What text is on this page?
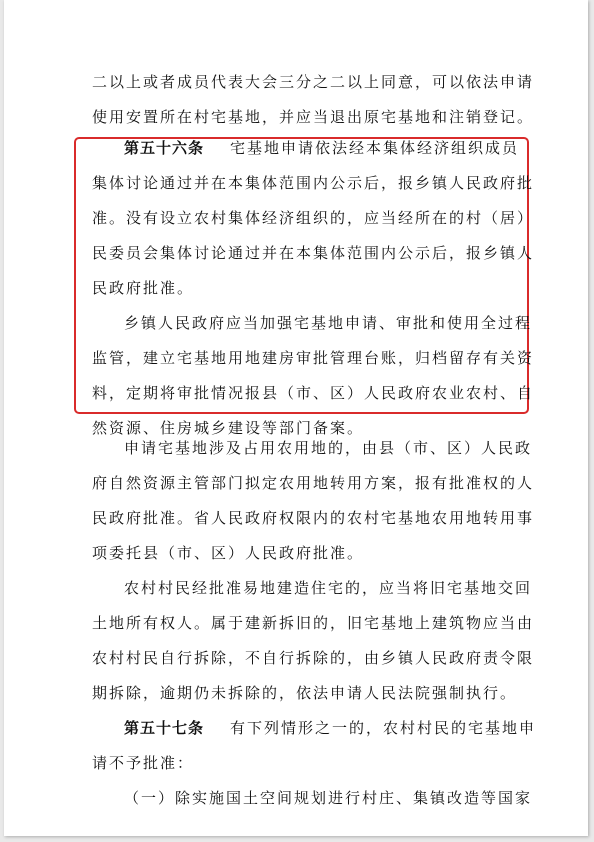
二以上或者成员代表大会三分之二以上同意，可以依法申请
使用安置所在村宅基地，并应当退出原宅基地和注销登记。
第五十六条 宅基地申请依法经本集体经济组织成员
集体讨论通过并在本集体范围内公示后，报乡镇人民政府批
准。没有设立农村集体经济组织的，应当经所在的村（居）
民委员会集体讨论通过并在本集体范围内公示后，报乡镇人
民政府批准。
乡镇人民政府应当加强宅基地申请、审批和使用全过程
监管，建立宅基地用地建房审批管理台账，归档留存有关资
料，定期将审批情况报县（市、区）人民政府农业农村、自
然资源、住房城乡建设等部门备案。
申请宅基地涉及占用农用地的，由县（市、区）人民政
府自然资源主管部门拟定农用地转用方案，报有批准权的人
民政府批准。省人民政府权限内的农村宅基地农用地转用事
项委托县（市、区）人民政府批准。
农村村民经批准易地建造住宅的，应当将旧宅基地交回
土地所有权人。属于建新拆旧的，旧宅基地上建筑物应当由
农村村民自行拆除，不自行拆除的，由乡镇人民政府责令限
期拆除，逾期仍未拆除的，依法申请人民法院强制执行。
第五十七条 有下列情形之一的，农村村民的宅基地申
请不予批准：
（一）除实施国土空间规划进行村庄、集镇改造等国家
